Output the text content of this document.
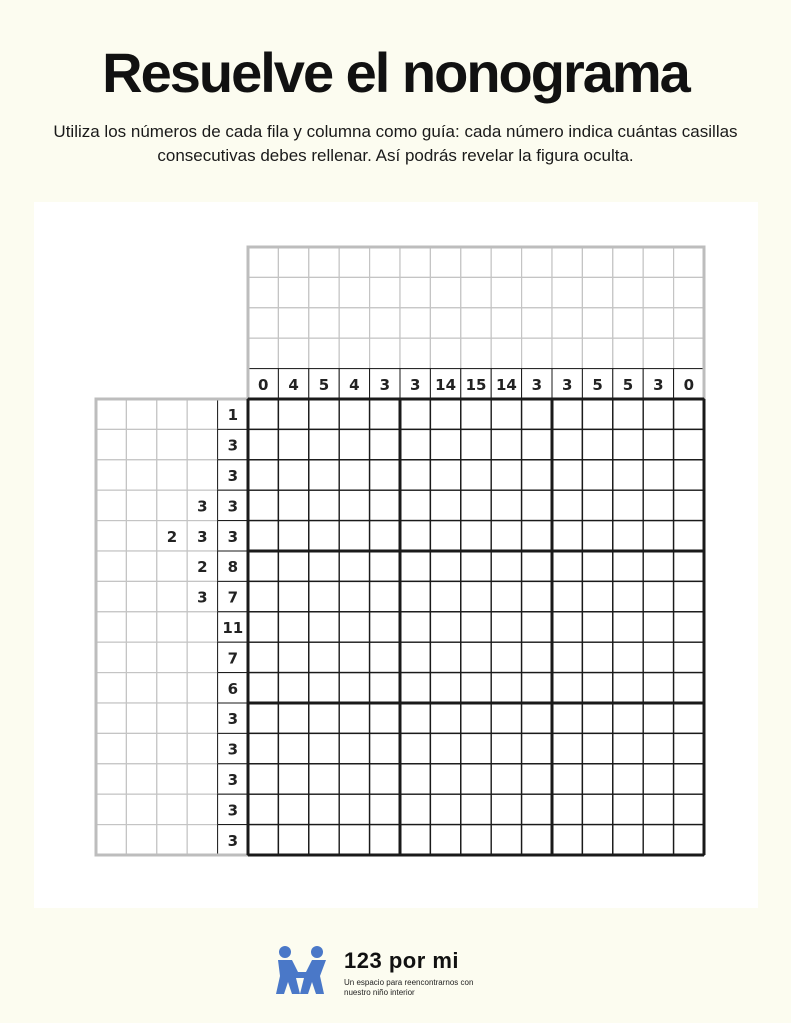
Resuelve el nonograma
Utiliza los números de cada fila y columna como guía: cada número indica cuántas casillas consecutivas debes rellenar. Así podrás revelar la figura oculta.
0 4 5 4 3 3 14 15 14 3 3 5 5 3 0
1
3
3
3 3
2 3 3
2 8
3 7
11
7
6
3
3
3
3
3
123 por mi
Un espacio para reencontrarnos con nuestro niño interior
